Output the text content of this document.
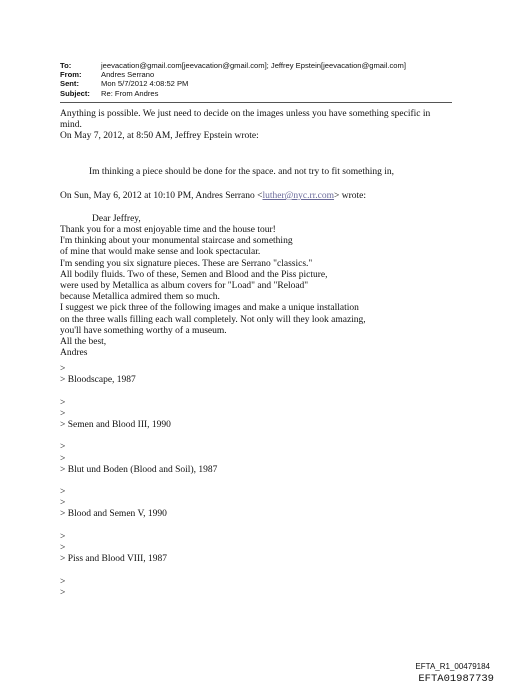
To:	jeevacation@gmail.com[jeevacation@gmail.com]; Jeffrey Epstein[jeevacation@gmail.com]
From:	Andres Serrano
Sent:	Mon 5/7/2012 4:08:52 PM
Subject:	Re: From Andres
Anything is possible. We just need to decide on the images unless you have something specific in
mind.
On May 7, 2012, at 8:50 AM, Jeffrey Epstein wrote:
Im thinking a piece should be done for the space. and not try to fit something in,
On Sun, May 6, 2012 at 10:10 PM, Andres Serrano <luther@nyc.rr.com> wrote:
Dear Jeffrey,
Thank you for a most enjoyable time and the house tour!
I'm thinking about your monumental staircase and something
of mine that would make sense and look spectacular.
I'm sending you six signature pieces. These are Serrano "classics."
All bodily fluids. Two of these, Semen and Blood and the Piss picture,
were used by Metallica as album covers for "Load" and "Reload"
because Metallica admired them so much.
I suggest we pick three of the following images and make a unique installation
on the three walls filling each wall completely. Not only will they look amazing,
you'll have something worthy of a museum.
All the best,
Andres
>
> Bloodscape, 1987
>
>
> Semen and Blood III, 1990
>
>
> Blut und Boden (Blood and Soil), 1987
>
>
> Blood and Semen V, 1990
>
>
> Piss and Blood VIII, 1987
>
>
EFTA_R1_00479184
EFTA01987739
